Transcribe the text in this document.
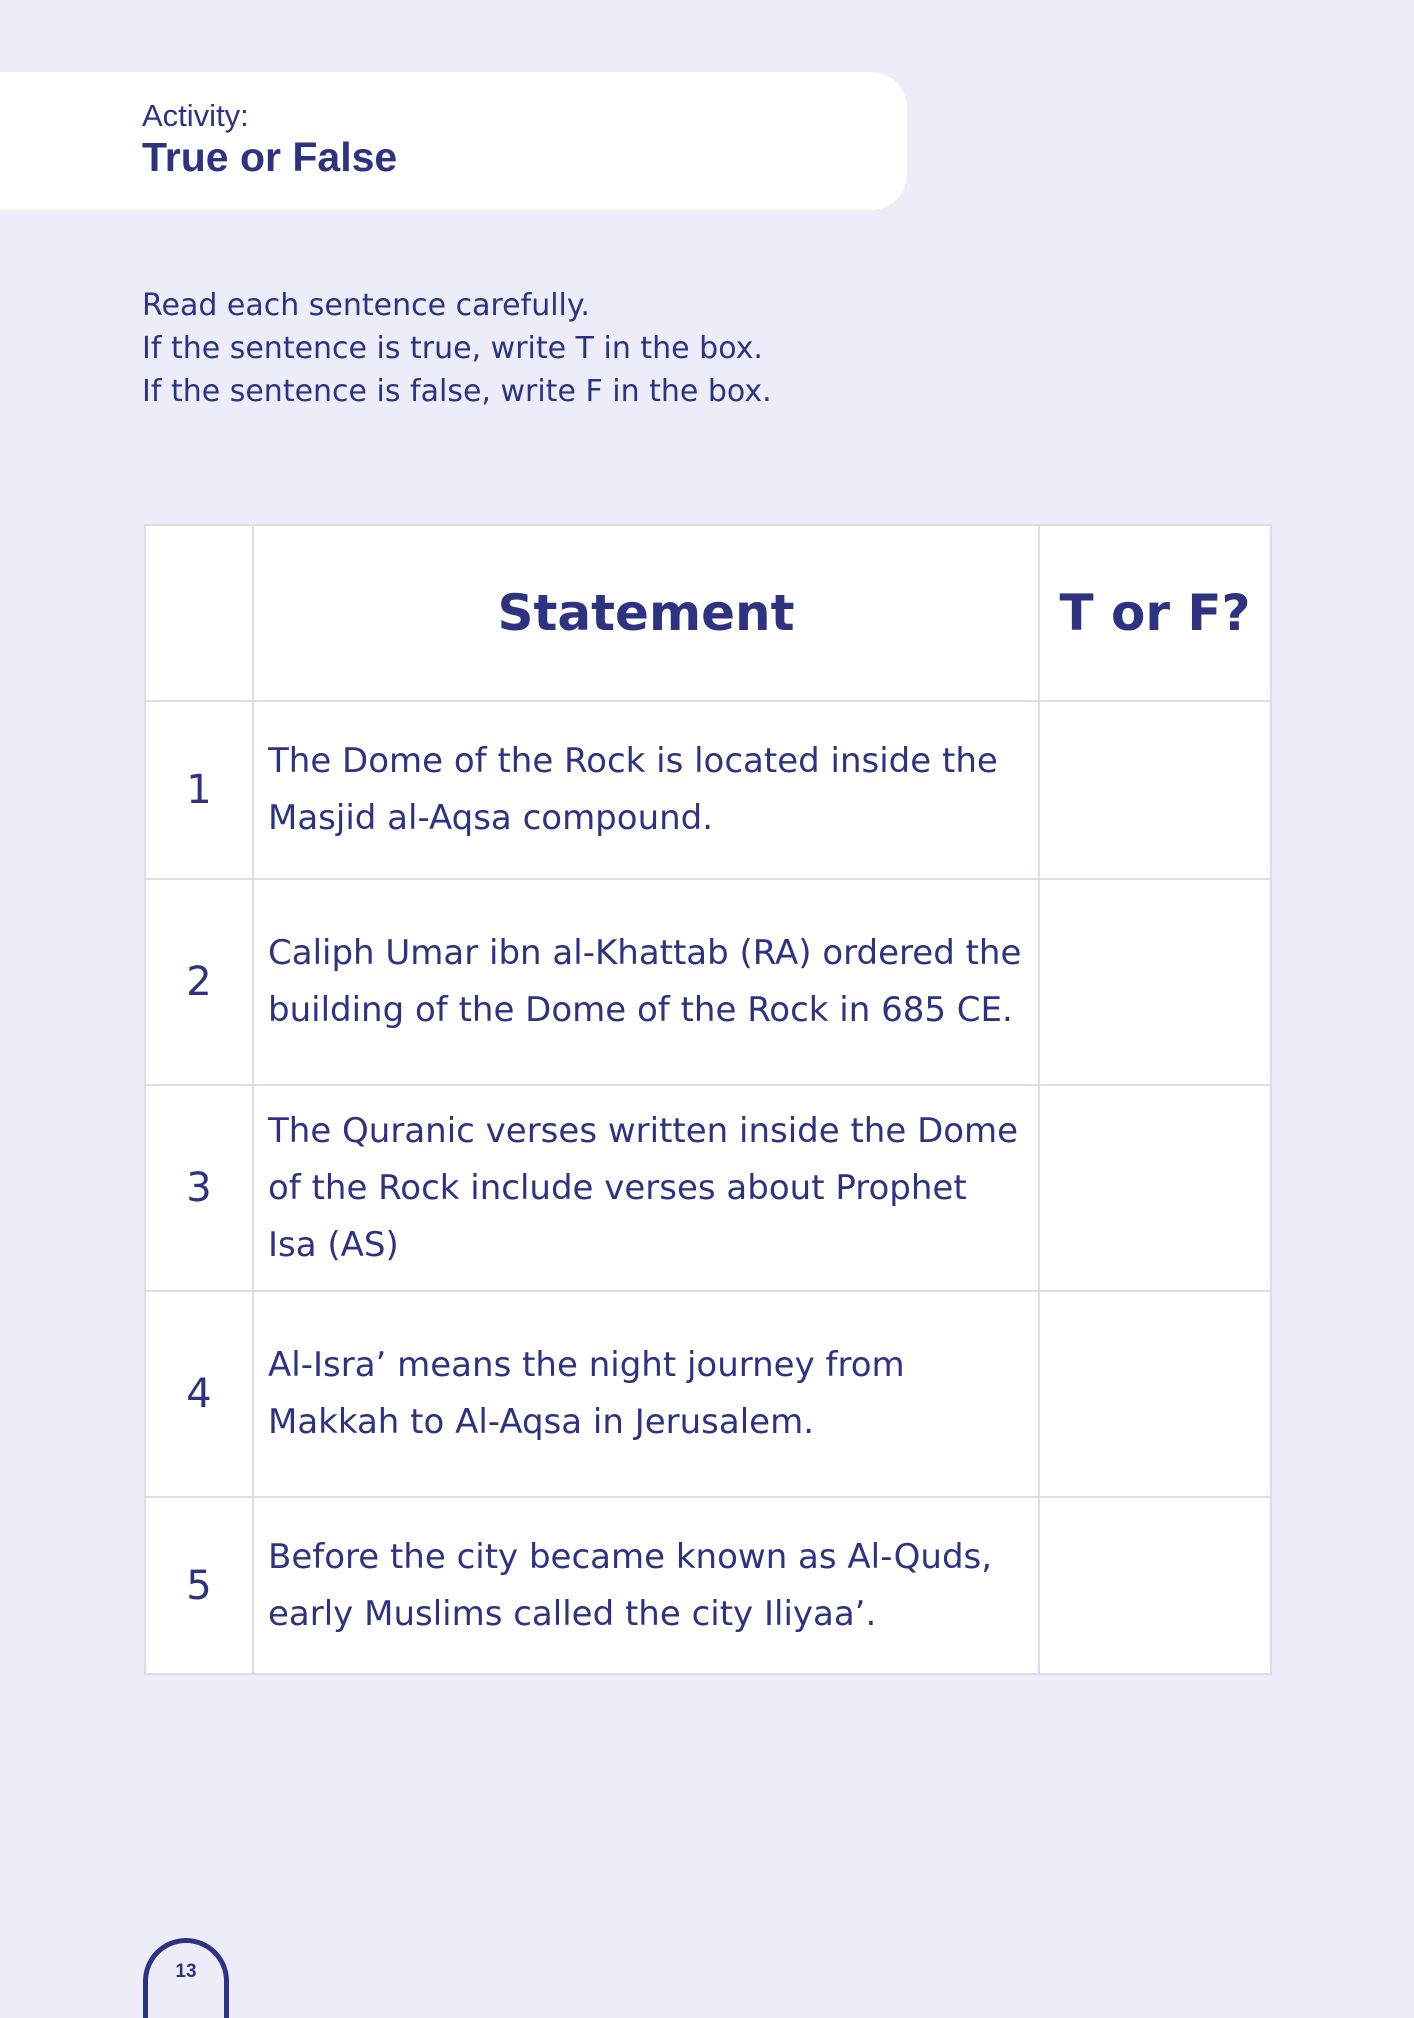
Activity:
True or False
Read each sentence carefully.
If the sentence is true, write T in the box.
If the sentence is false, write F in the box.
	Statement	T or F?
1	The Dome of the Rock is located inside the Masjid al-Aqsa compound.	
2	Caliph Umar ibn al-Khattab (RA) ordered the building of the Dome of the Rock in 685 CE.	
3	The Quranic verses written inside the Dome of the Rock include verses about Prophet Isa (AS)	
4	Al-Isra’ means the night journey from Makkah to Al-Aqsa in Jerusalem.	
5	Before the city became known as Al-Quds, early Muslims called the city Iliyaa’.	
13
